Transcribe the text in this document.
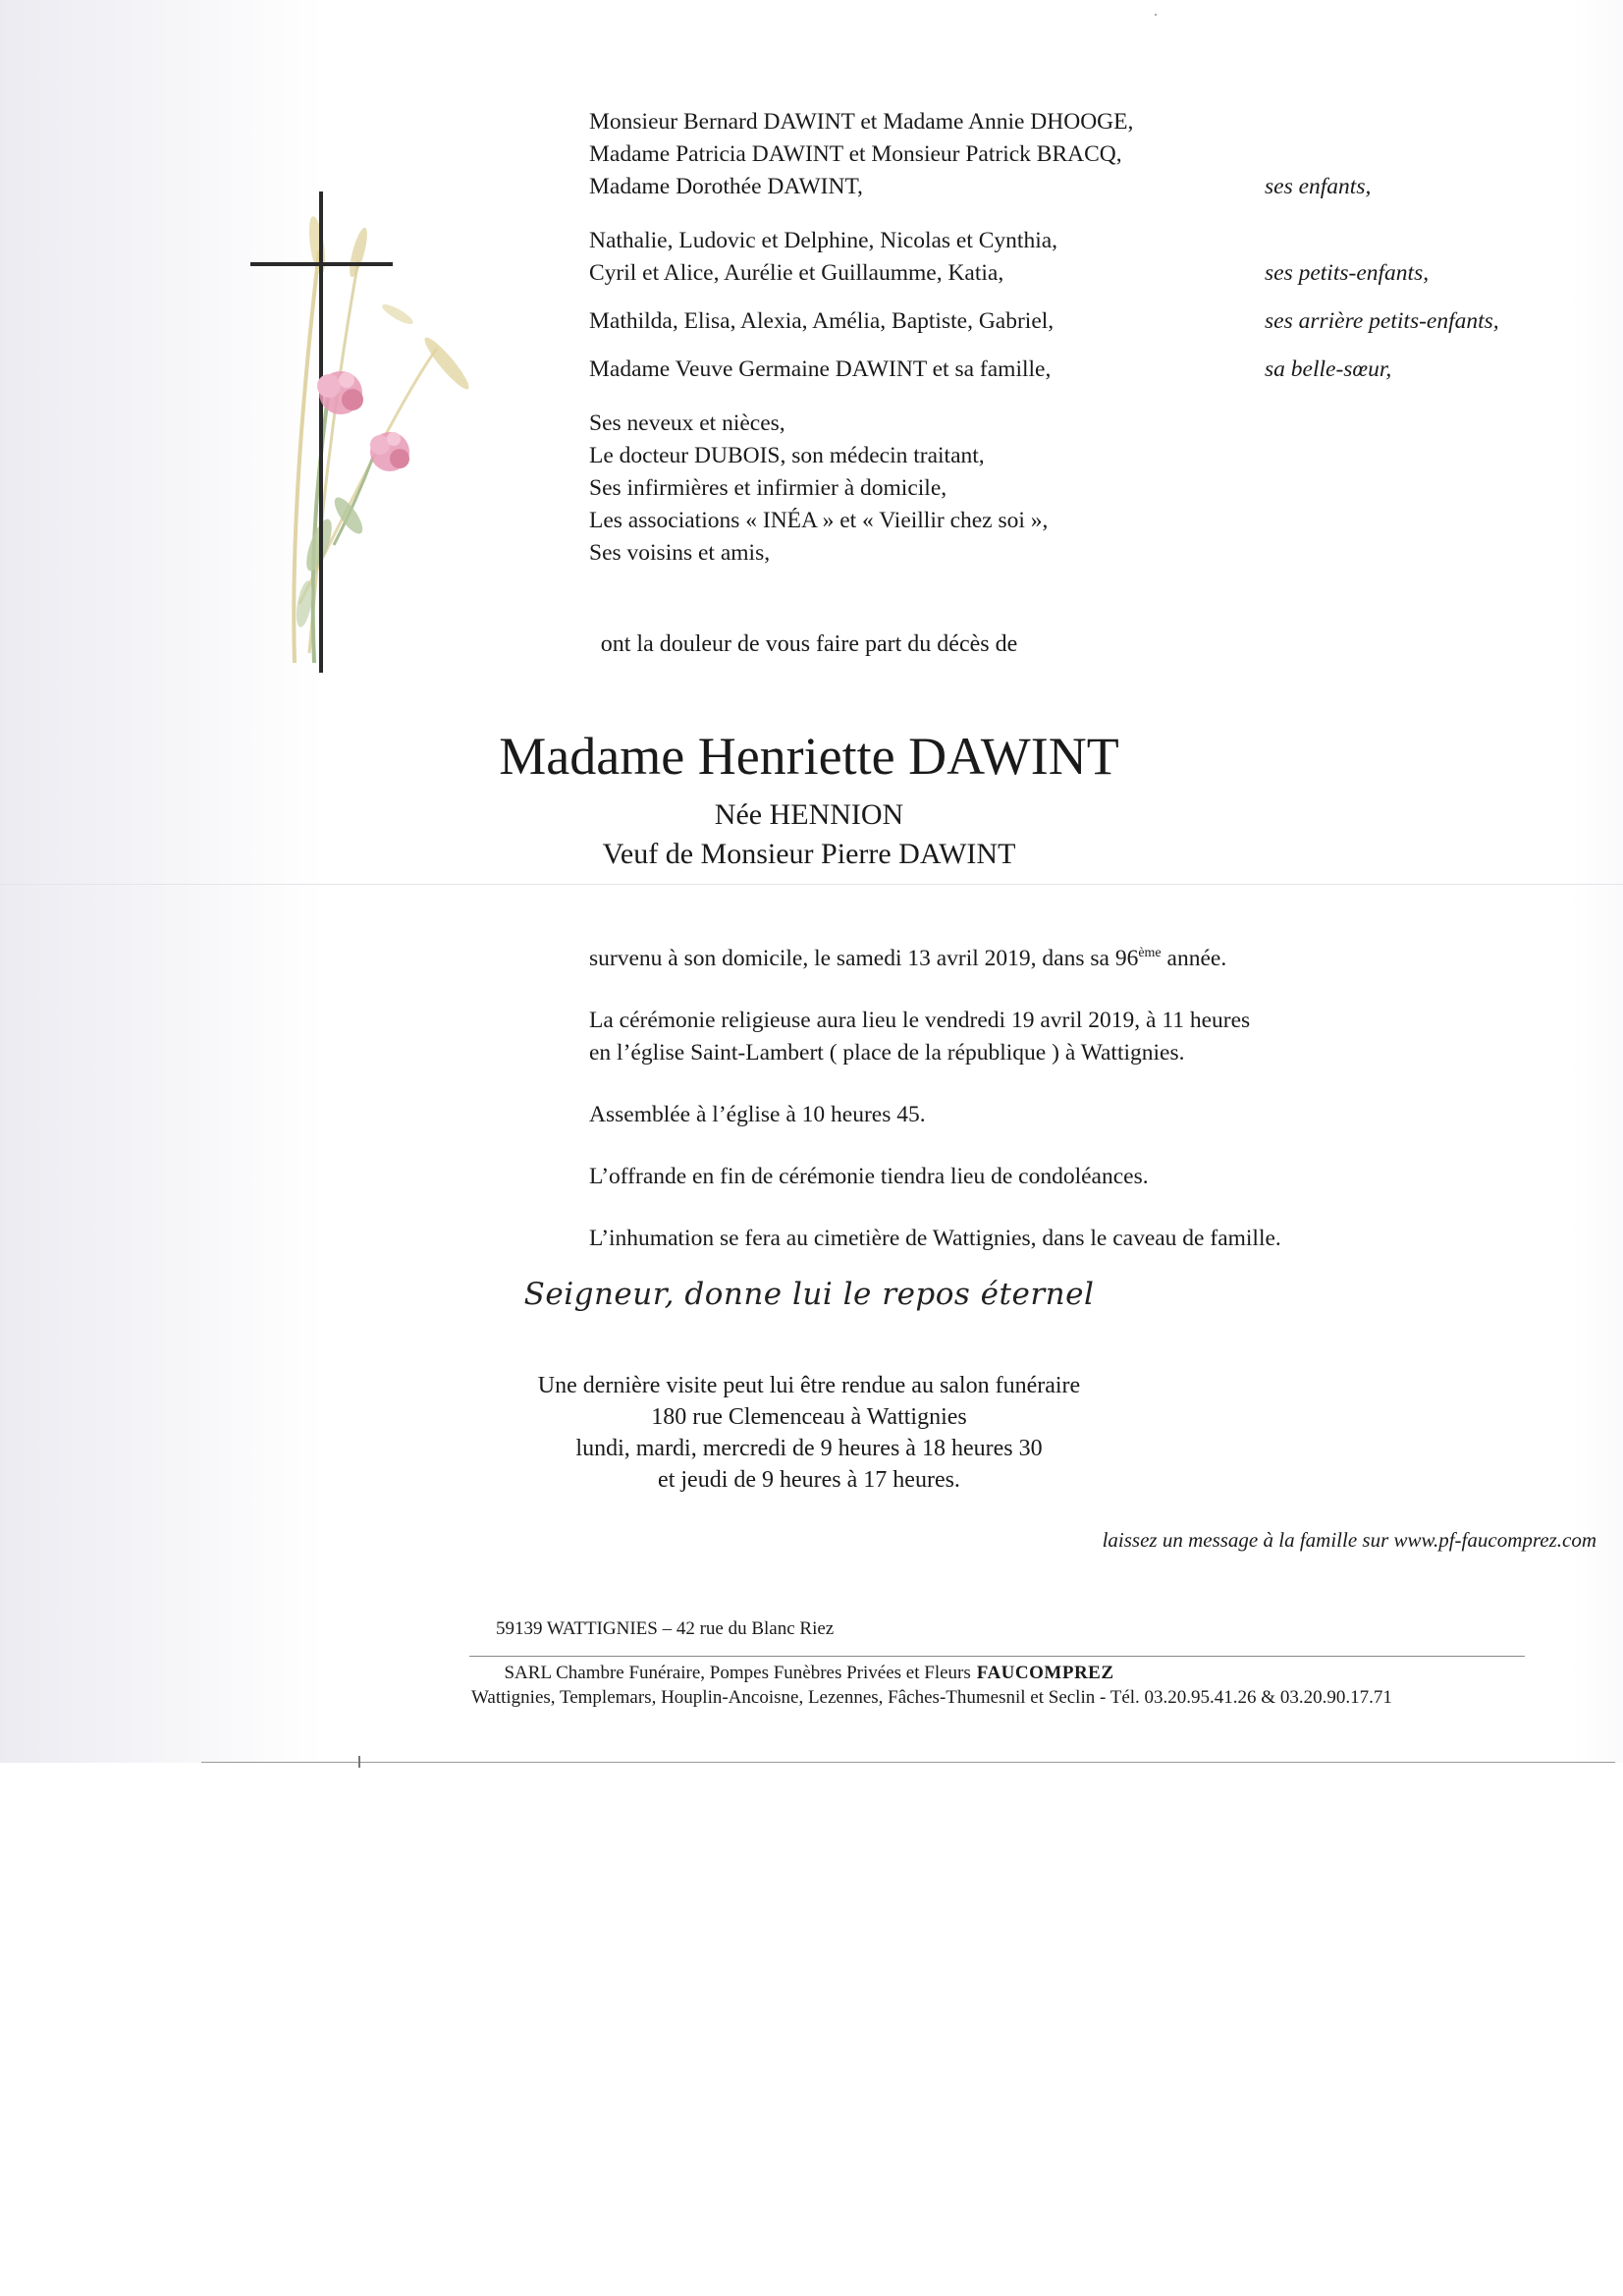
Monsieur Bernard DAWINT et Madame Annie DHOOGE,
Madame Patricia DAWINT et Monsieur Patrick BRACQ,
Madame Dorothée DAWINT,	ses enfants,
Nathalie, Ludovic et Delphine, Nicolas et Cynthia,
Cyril et Alice, Aurélie et Guillaumme, Katia,	ses petits-enfants,
Mathilda, Elisa, Alexia, Amélia, Baptiste, Gabriel,	ses arrière petits-enfants,
Madame Veuve Germaine DAWINT et sa famille,	sa belle-sœur,
Ses neveux et nièces,
Le docteur DUBOIS, son médecin traitant,
Ses infirmières et infirmier à domicile,
Les associations « INÉA » et « Vieillir chez soi »,
Ses voisins et amis,
ont la douleur de vous faire part du décès de
Madame Henriette DAWINT
Née HENNION
Veuf de Monsieur Pierre DAWINT

survenu à son domicile, le samedi 13 avril 2019, dans sa 96ème année.

La cérémonie religieuse aura lieu le vendredi 19 avril 2019, à 11 heures

en l’église Saint-Lambert ( place de la république ) à Wattignies.

Assemblée à l’église à 10 heures 45.

L’offrande en fin de cérémonie tiendra lieu de condoléances.

L’inhumation se fera au cimetière de Wattignies, dans le caveau de famille.

Seigneur, donne lui le repos éternel
Une dernière visite peut lui être rendue au salon funéraire
180 rue Clemenceau à Wattignies
lundi, mardi, mercredi de 9 heures à 18 heures 30
et jeudi de 9 heures à 17 heures.
laissez un message à la famille sur www.pf-faucomprez.com
59139 WATTIGNIES – 42 rue du Blanc Riez
SARL Chambre Funéraire, Pompes Funèbres Privées et Fleurs FAUCOMPREZ
Wattignies, Templemars, Houplin-Ancoisne, Lezennes, Fâches-Thumesnil et Seclin - Tél. 03.20.95.41.26 & 03.20.90.17.71
